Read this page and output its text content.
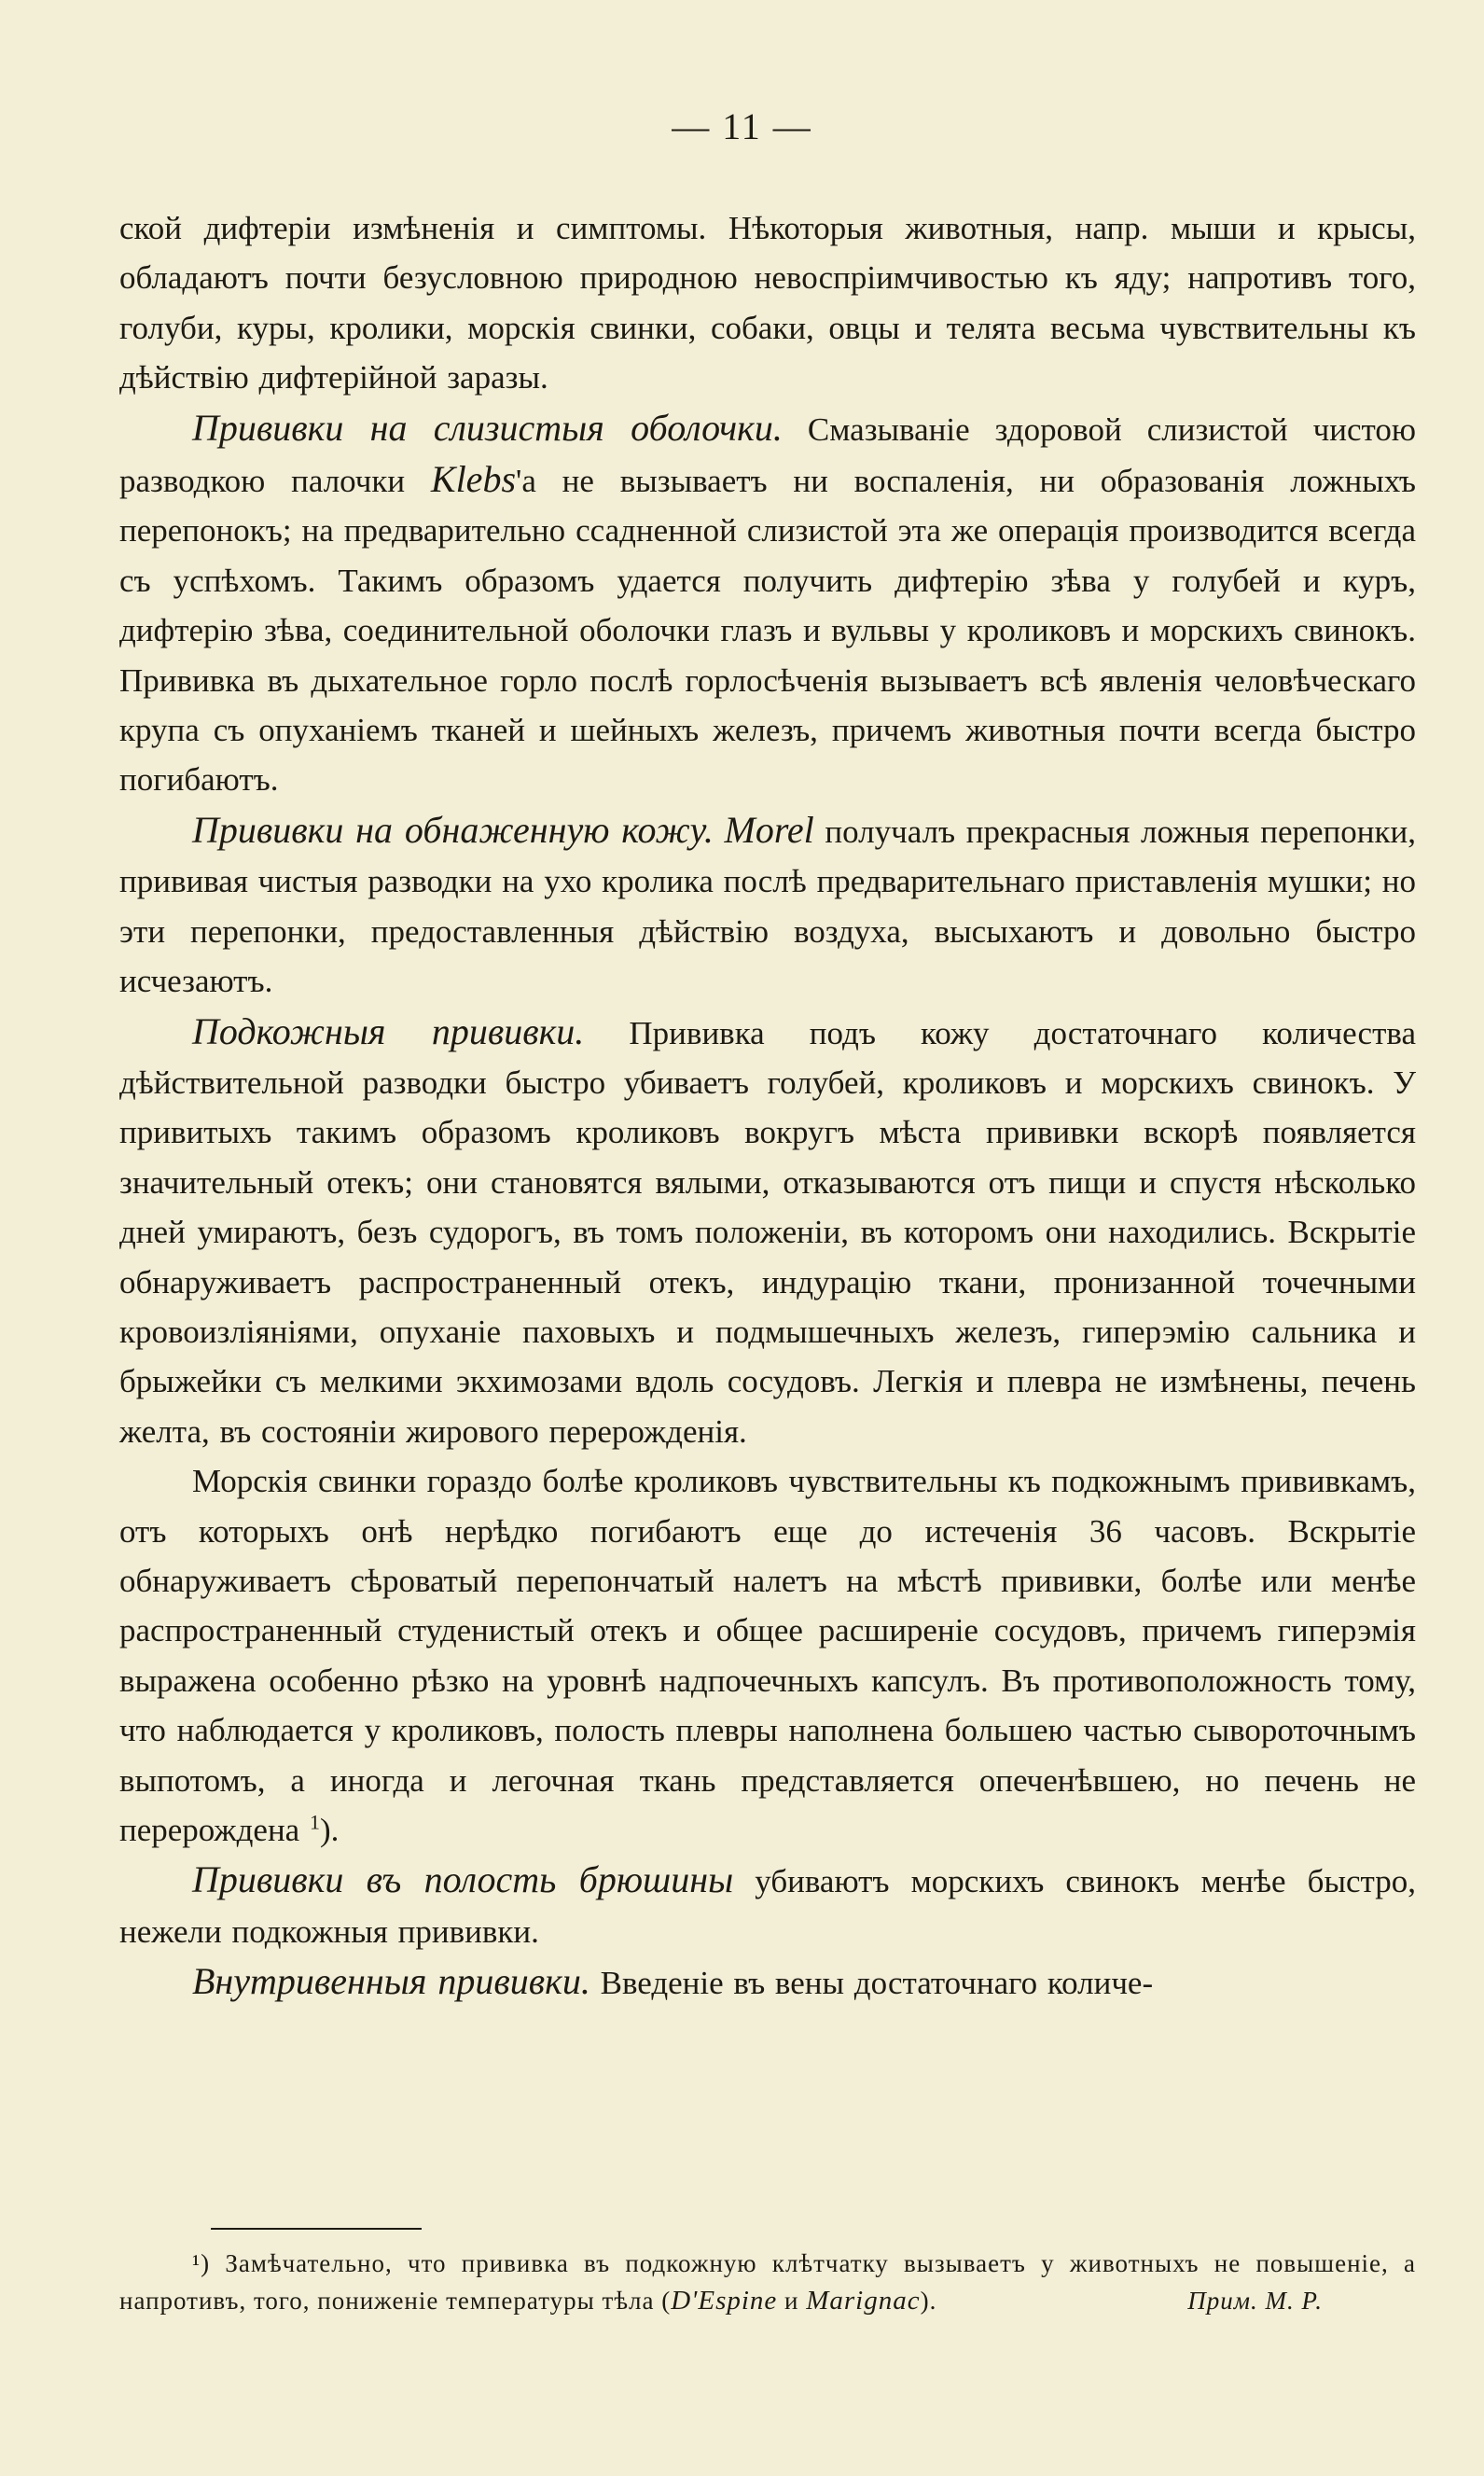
— 11 —

ской дифтеріи измѣненія и симптомы. Нѣкоторыя животныя, напр. мыши и крысы, обладаютъ почти безусловною природною невоспріимчивостью къ яду; напротивъ того, голуби, куры, кролики, морскія свинки, собаки, овцы и телята весьма чувствительны къ дѣйствію дифтерійной заразы.

Прививки на слизистыя оболочки. Смазываніе здоровой слизистой чистою разводкою палочки Klebs'а не вызываетъ ни воспаленія, ни образованія ложныхъ перепонокъ; на предварительно ссадненной слизистой эта же операція производится всегда съ успѣхомъ. Такимъ образомъ удается получить дифтерію зѣва у голубей и куръ, дифтерію зѣва, соединительной оболочки глазъ и вульвы у кроликовъ и морскихъ свинокъ. Прививка въ дыхательное горло послѣ горлосѣченія вызываетъ всѣ явленія человѣческаго крупа съ опуханіемъ тканей и шейныхъ железъ, причемъ животныя почти всегда быстро погибаютъ.

Прививки на обнаженную кожу. Morel получалъ прекрасныя ложныя перепонки, прививая чистыя разводки на ухо кролика послѣ предварительнаго приставленія мушки; но эти перепонки, предоставленныя дѣйствію воздуха, высыхаютъ и довольно быстро исчезаютъ.

Подкожныя прививки. Прививка подъ кожу достаточнаго количества дѣйствительной разводки быстро убиваетъ голубей, кроликовъ и морскихъ свинокъ. У привитыхъ такимъ образомъ кроликовъ вокругъ мѣста прививки вскорѣ появляется значительный отекъ; они становятся вялыми, отказываются отъ пищи и спустя нѣсколько дней умираютъ, безъ судорогъ, въ томъ положеніи, въ которомъ они находились. Вскрытіе обнаруживаетъ распространенный отекъ, индурацію ткани, пронизанной точечными кровоизліяніями, опуханіе паховыхъ и подмышечныхъ железъ, гиперэмію сальника и брыжейки съ мелкими экхимозами вдоль сосудовъ. Легкія и плевра не измѣнены, печень желта, въ состояніи жирового перерожденія.

Морскія свинки гораздо болѣе кроликовъ чувствительны къ подкожнымъ прививкамъ, отъ которыхъ онѣ нерѣдко погибаютъ еще до истеченія 36 часовъ. Вскрытіе обнаруживаетъ сѣроватый перепончатый налетъ на мѣстѣ прививки, болѣе или менѣе распространенный студенистый отекъ и общее расширеніе сосудовъ, причемъ гиперэмія выражена особенно рѣзко на уровнѣ надпочечныхъ капсулъ. Въ противоположность тому, что наблюдается у кроликовъ, полость плевры наполнена большею частью сывороточнымъ выпотомъ, а иногда и легочная ткань представляется опеченѣвшею, но печень не перерождена $^1$).

Прививки въ полость брюшины убиваютъ морскихъ свинокъ менѣе быстро, нежели подкожныя прививки.

Внутривенныя прививки. Введеніе въ вены достаточнаго количе-

¹) Замѣчательно, что прививка въ подкожную клѣтчатку вызываетъ у животныхъ не повышеніе, а напротивъ, того, пониженіе температуры тѣла (D'Espine и Marignac).	Прим. М. Р.
